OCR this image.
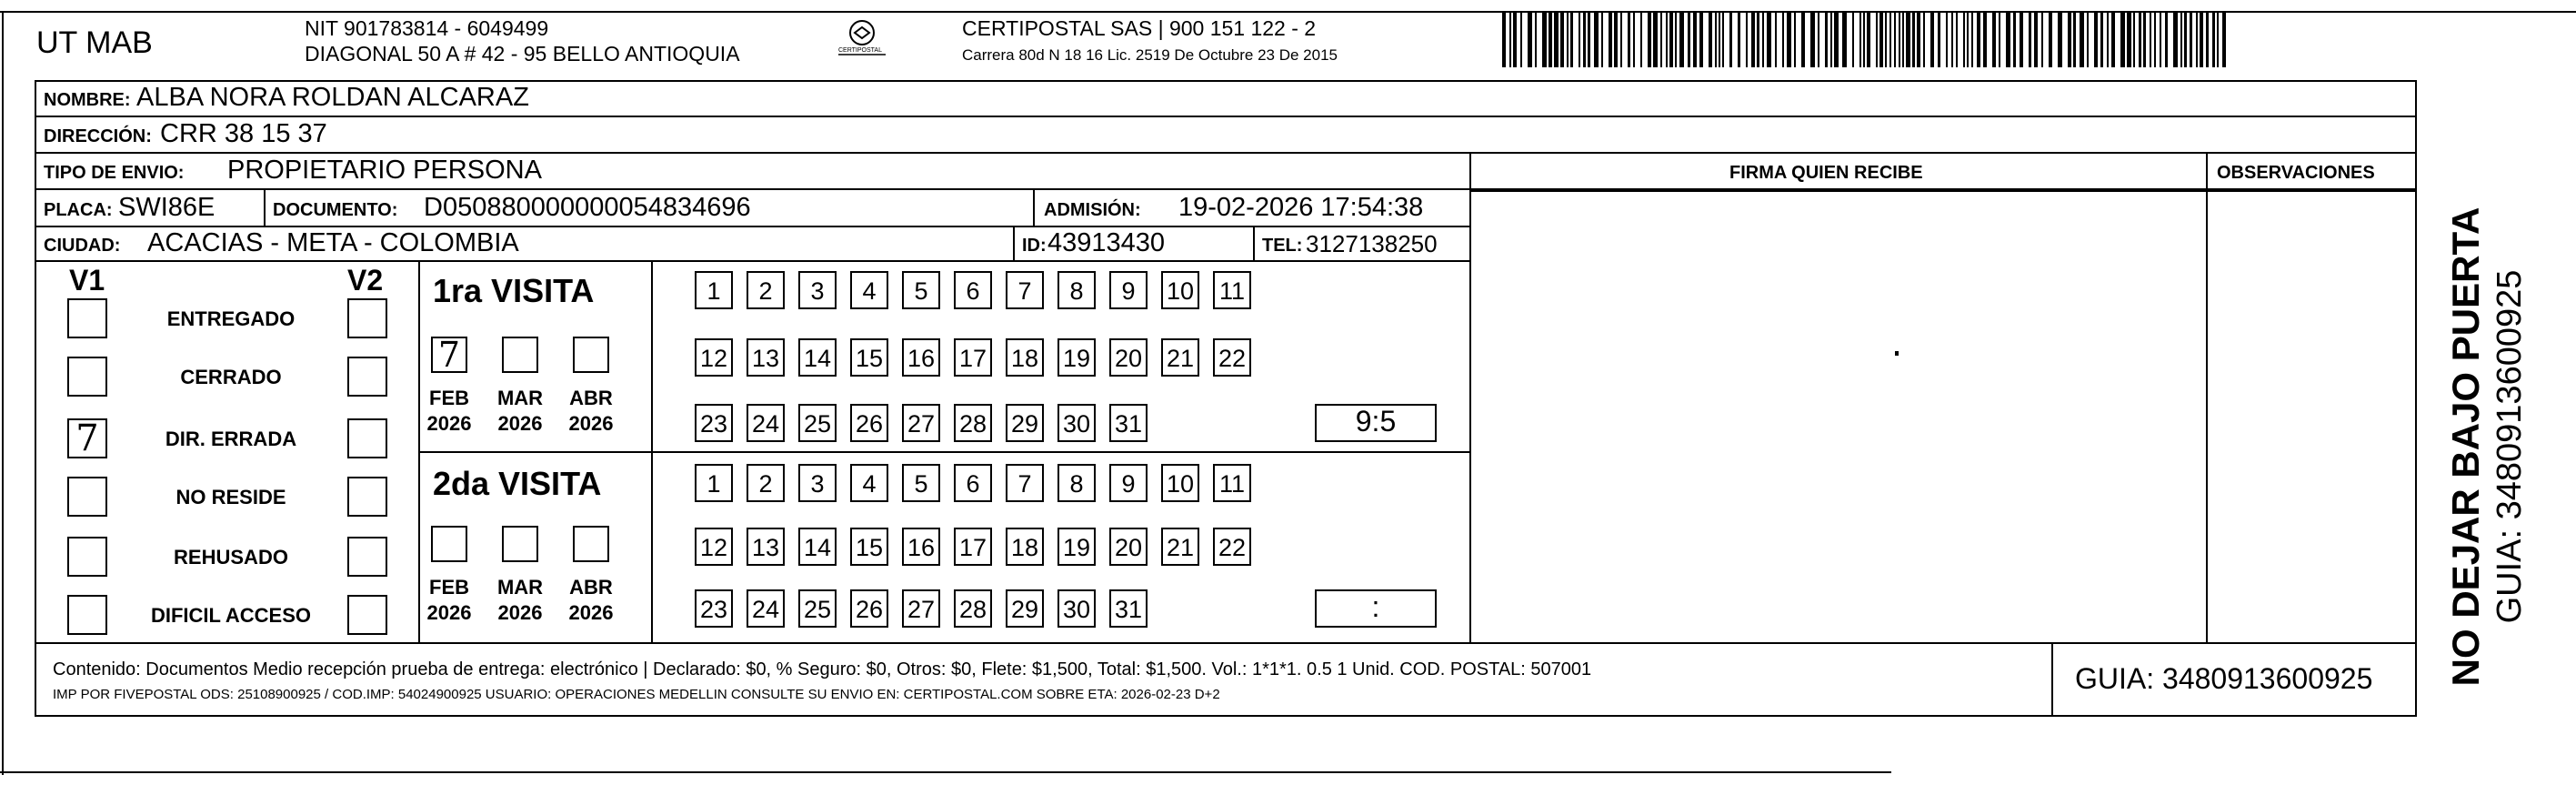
UT MAB	NIT 901783814 - 6049499
DIAGONAL 50 A # 42 - 95 BELLO ANTIOQUIA	CERTIPOSTAL
CERTIPOSTAL SAS | 900 151 122 - 2
Carrera 80d N 18 16 Lic. 2519 De Octubre 23 De 2015
NOMBRE: ALBA NORA ROLDAN ALCARAZ
DIRECCIÓN: CRR 38 15 37
TIPO DE ENVIO: PROPIETARIO PERSONA
PLACA: SWI86E	DOCUMENTO: D050880000000054834696	ADMISIÓN: 19-02-2026 17:54:38
CIUDAD: ACACIAS - META - COLOMBIA	ID: 43913430	TEL: 3127138250
FIRMA QUIEN RECIBE	OBSERVACIONES
V1	V2 1ra VISITA
2da VISITA
Contenido: Documentos Medio recepción prueba de entrega: electrónico | Declarado: $0, % Seguro: $0, Otros: $0, Flete: $1,500, Total: $1,500. Vol.: 1*1*1. 0.5 1 Unid. COD. POSTAL: 507001
IMP POR FIVEPOSTAL ODS: 25108900925 / COD.IMP: 54024900925 USUARIO: OPERACIONES MEDELLIN CONSULTE SU ENVIO EN: CERTIPOSTAL.COM SOBRE ETA: 2026-02-23 D+2	GUIA: 3480913600925 NO DEJAR BAJO PUERTA GUIA: 3480913600925
ENTREGADO
CERRADO
7	DIR. ERRADA
NO RESIDE
REHUSADO
DIFICIL ACCESO
7
FEB 2026
MAR 2026
ABR 2026
FEB 2026
MAR 2026
ABR 2026
1	2	3	4	5	6	7	8	9	10 11
12 13 14 15 16 17 18 19 20 21 22
23 24 25 26 27 28 29 30 31	9:5
1	2	3	4	5	6	7	8	9	10 11
12 13 14 15 16 17 18 19 20 21 22
23 24 25 26 27 28 29 30 31	:
